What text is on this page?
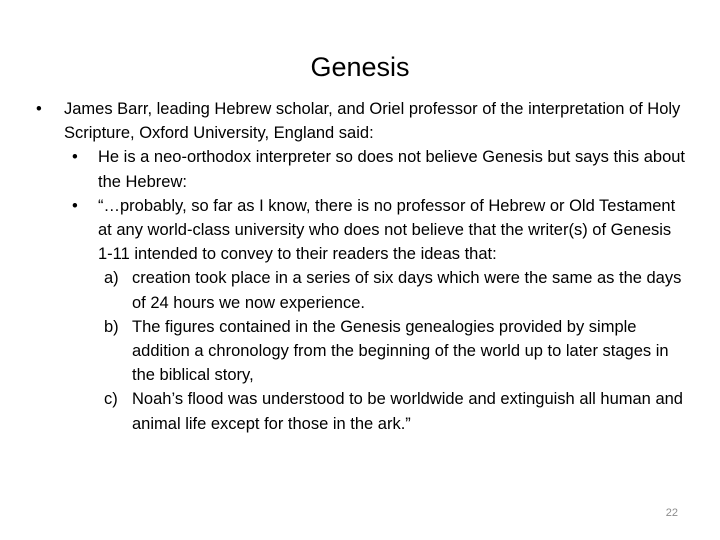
Genesis
• James Barr, leading Hebrew scholar, and Oriel professor of the interpretation of Holy Scripture, Oxford University, England said:
• He is a neo-orthodox interpreter so does not believe Genesis but says this about the Hebrew:
• “…probably, so far as I know, there is no professor of Hebrew or Old Testament at any world-class university who does not believe that the writer(s) of Genesis 1-11 intended to convey to their readers the ideas that:
a) creation took place in a series of six days which were the same as the days of 24 hours we now experience.
b) The figures contained in the Genesis genealogies provided by simple addition a chronology from the beginning of the world up to later stages in the biblical story,
c) Noah’s flood was understood to be worldwide and extinguish all human and animal life except for those in the ark.”
22
